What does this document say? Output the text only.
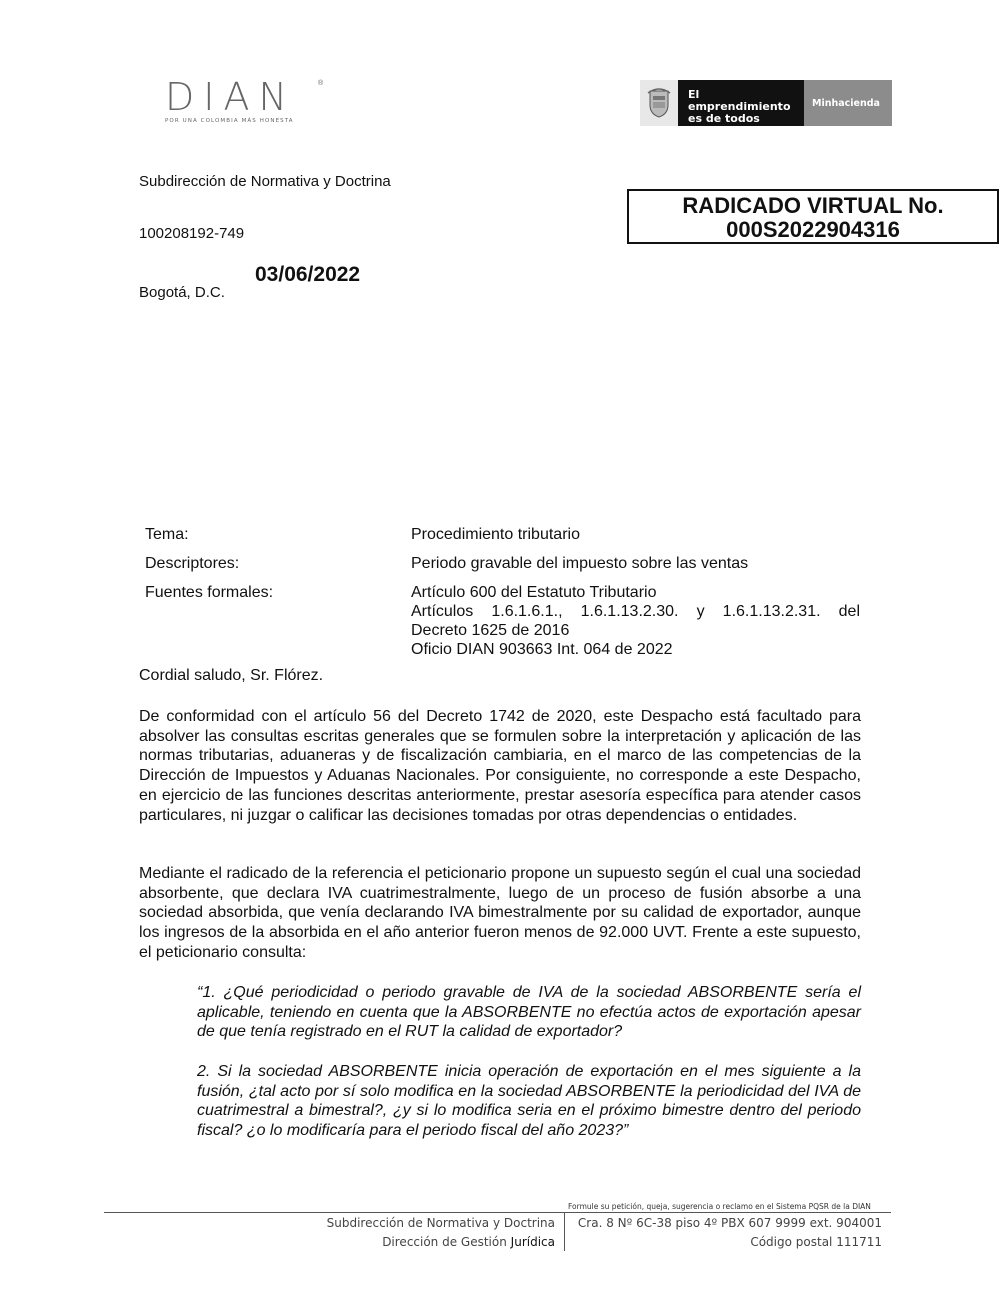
DIAN	®
POR UNA COLOMBIA MÁS HONESTA
El emprendimiento
es de todos
Minhacienda
Subdirección de Normativa y Doctrina
100208192-749
03/06/2022
Bogotá, D.C.
RADICADO VIRTUAL No.
000S2022904316
Tema:	Procedimiento tributario
Descriptores:	Periodo gravable del impuesto sobre las ventas
Fuentes formales:	Artículo 600 del Estatuto Tributario
Artículos 1.6.1.6.1., 1.6.1.13.2.30. y 1.6.1.13.2.31. del
Decreto 1625 de 2016
Oficio DIAN 903663 Int. 064 de 2022
Cordial saludo, Sr. Flórez.
De conformidad con el artículo 56 del Decreto 1742 de 2020, este Despacho está facultado para absolver las consultas escritas generales que se formulen sobre la interpretación y aplicación de las normas tributarias, aduaneras y de fiscalización cambiaria, en el marco de las competencias de la Dirección de Impuestos y Aduanas Nacionales. Por consiguiente, no corresponde a este Despacho, en ejercicio de las funciones descritas anteriormente, prestar asesoría específica para atender casos particulares, ni juzgar o calificar las decisiones tomadas por otras dependencias o entidades.
Mediante el radicado de la referencia el peticionario propone un supuesto según el cual una sociedad absorbente, que declara IVA cuatrimestralmente, luego de un proceso de fusión absorbe a una sociedad absorbida, que venía declarando IVA bimestralmente por su calidad de exportador, aunque los ingresos de la absorbida en el año anterior fueron menos de 92.000 UVT. Frente a este supuesto, el peticionario consulta:
“1. ¿Qué periodicidad o periodo gravable de IVA de la sociedad ABSORBENTE sería el aplicable, teniendo en cuenta que la ABSORBENTE no efectúa actos de exportación apesar de que tenía registrado en el RUT la calidad de exportador?
2. Si la sociedad ABSORBENTE inicia operación de exportación en el mes siguiente a la fusión, ¿tal acto por sí solo modifica en la sociedad ABSORBENTE la periodicidad del IVA de cuatrimestral a bimestral?, ¿y si lo modifica seria en el próximo bimestre dentro del periodo fiscal? ¿o lo modificaría para el periodo fiscal del año 2023?”
Formule su petición, queja, sugerencia o reclamo en el Sistema PQSR de la DIAN
Subdirección de Normativa y Doctrina
Dirección de Gestión Jurídica
Cra. 8 Nº 6C-38 piso 4º PBX 607 9999 ext. 904001
Código postal 111711
